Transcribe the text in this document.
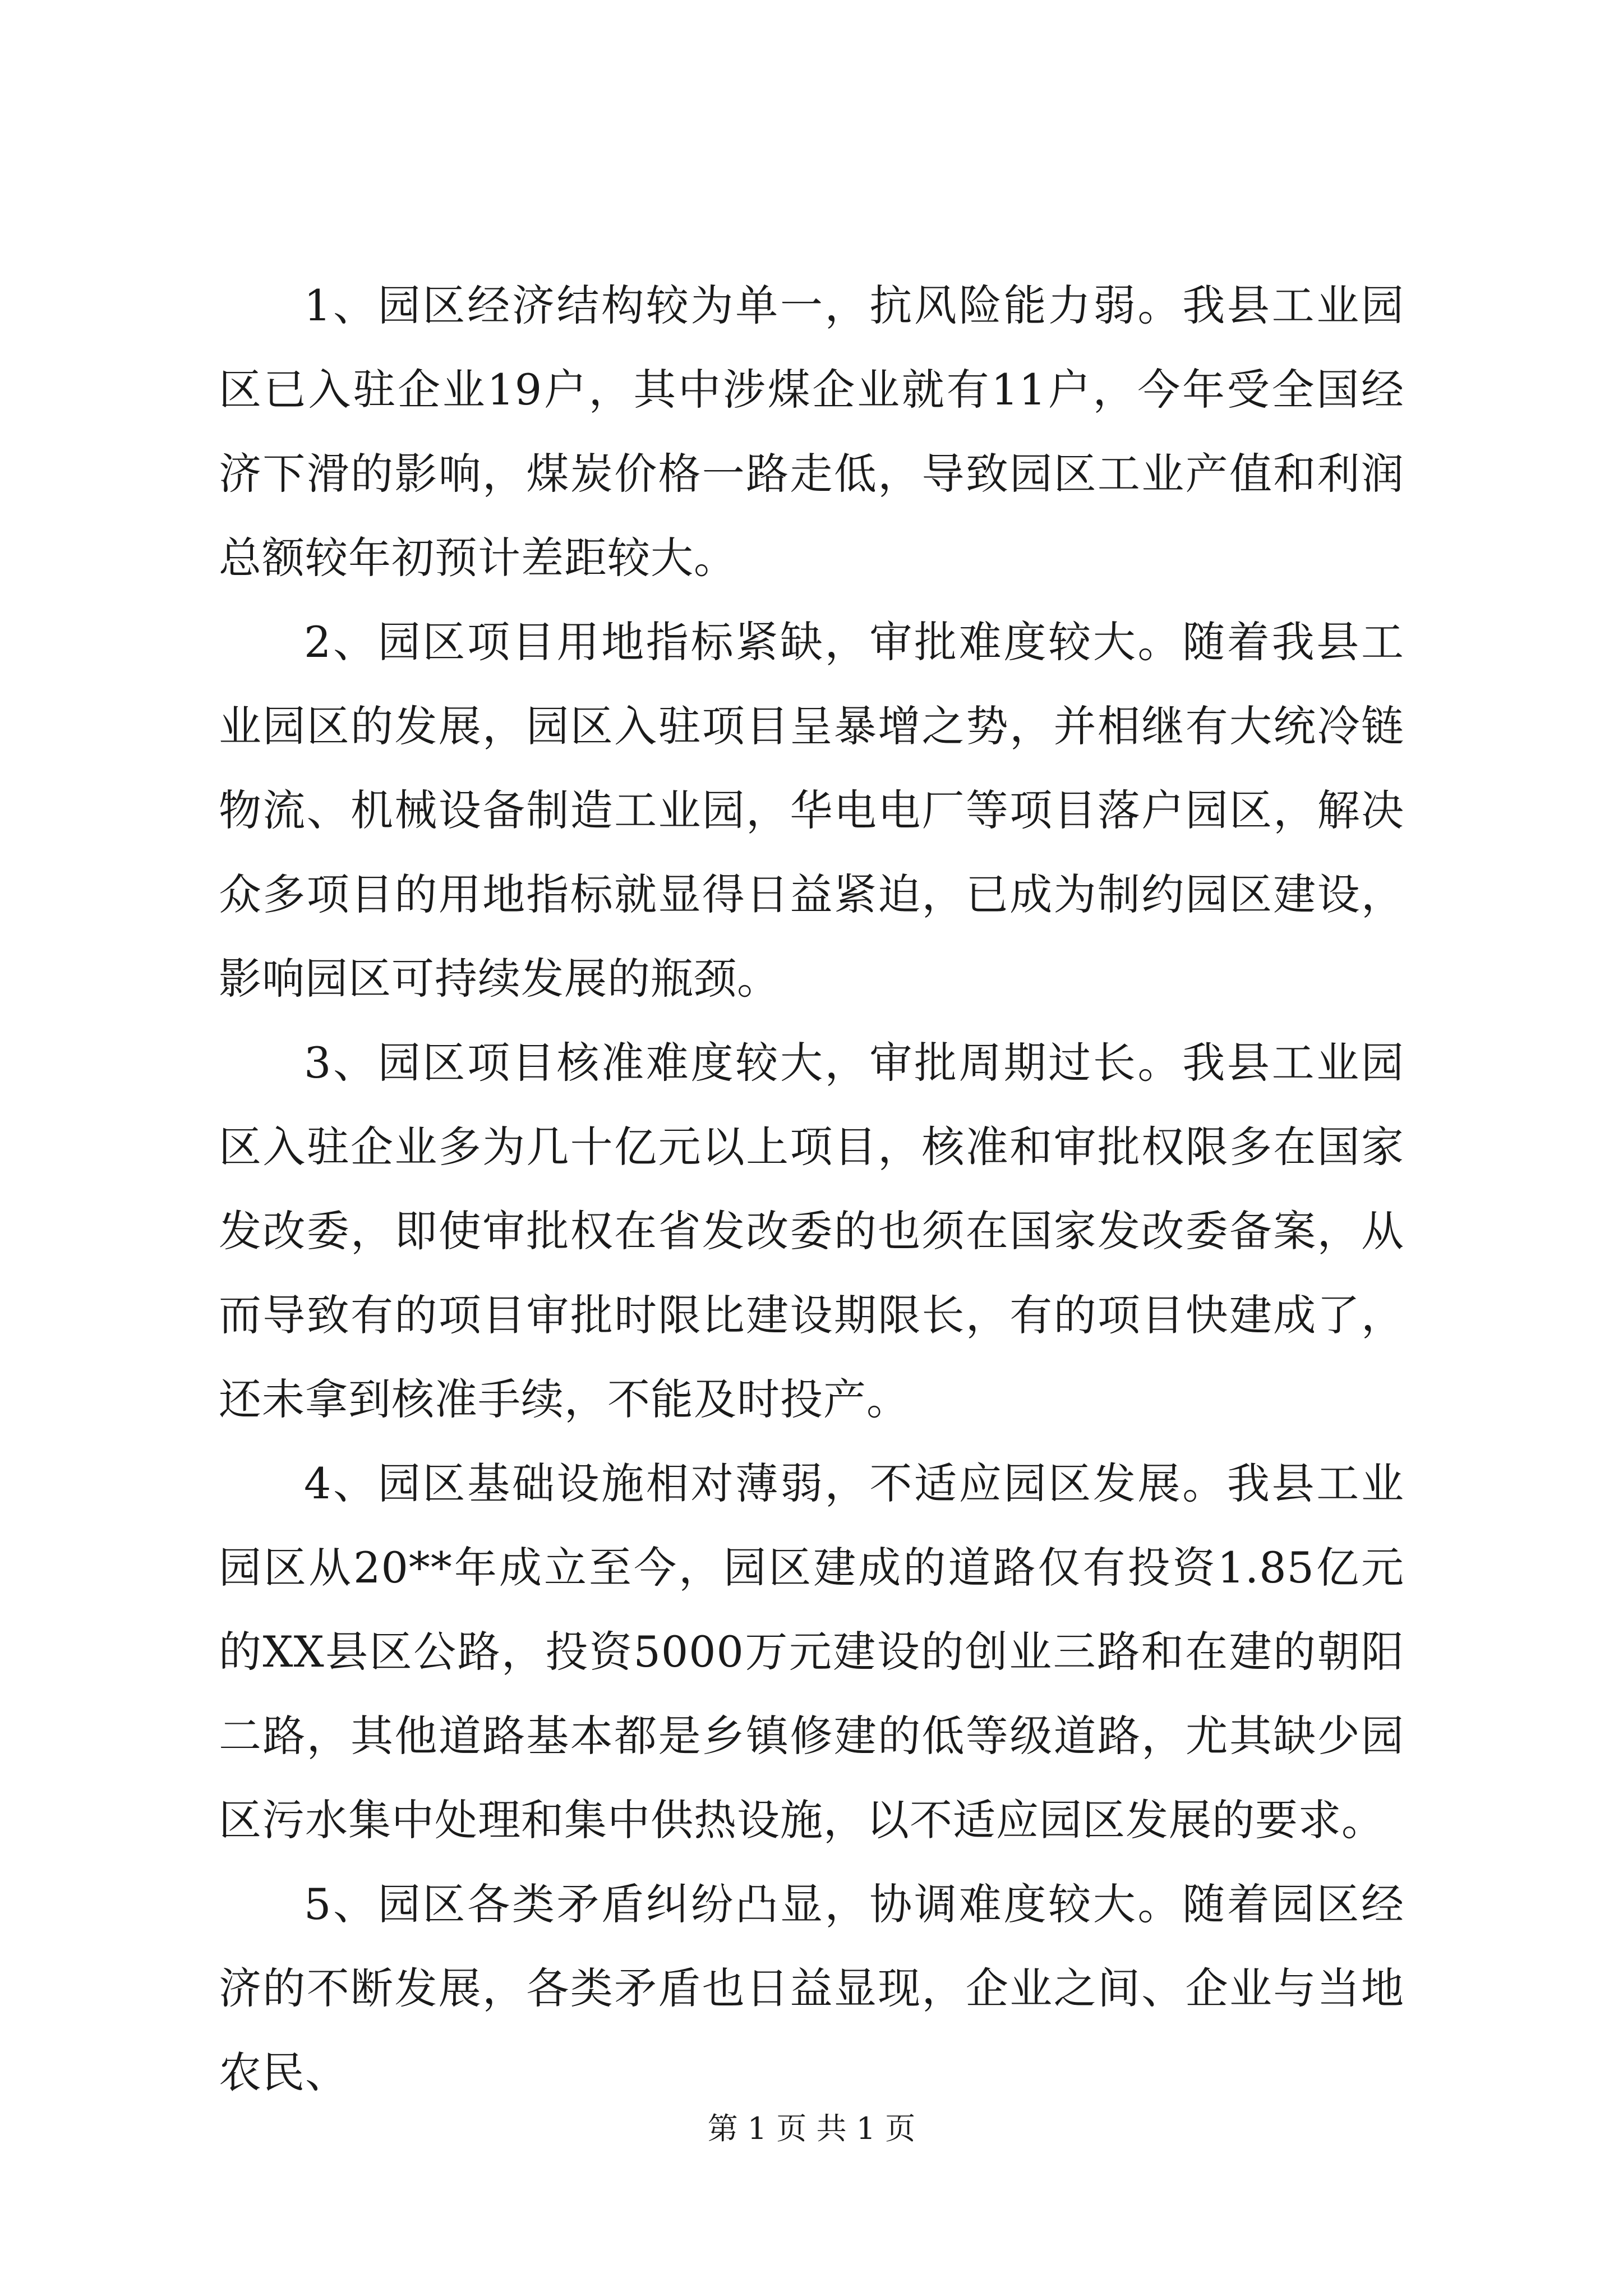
1、园区经济结构较为单一，抗风险能力弱。我县工业园区已入驻企业19户，其中涉煤企业就有11户，今年受全国经济下滑的影响，煤炭价格一路走低，导致园区工业产值和利润总额较年初预计差距较大。

2、园区项目用地指标紧缺，审批难度较大。随着我县工业园区的发展，园区入驻项目呈暴增之势，并相继有大统冷链物流、机械设备制造工业园，华电电厂等项目落户园区，解决众多项目的用地指标就显得日益紧迫，已成为制约园区建设，影响园区可持续发展的瓶颈。

3、园区项目核准难度较大，审批周期过长。我县工业园区入驻企业多为几十亿元以上项目，核准和审批权限多在国家发改委，即使审批权在省发改委的也须在国家发改委备案，从而导致有的项目审批时限比建设期限长，有的项目快建成了，还未拿到核准手续，不能及时投产。

4、园区基础设施相对薄弱，不适应园区发展。我县工业园区从20**年成立至今，园区建成的道路仅有投资1.85亿元的XX县区公路，投资5000万元建设的创业三路和在建的朝阳二路，其他道路基本都是乡镇修建的低等级道路，尤其缺少园区污水集中处理和集中供热设施，以不适应园区发展的要求。

5、园区各类矛盾纠纷凸显，协调难度较大。随着园区经济的不断发展，各类矛盾也日益显现，企业之间、企业与当地农民、

第 1 页 共 1 页
